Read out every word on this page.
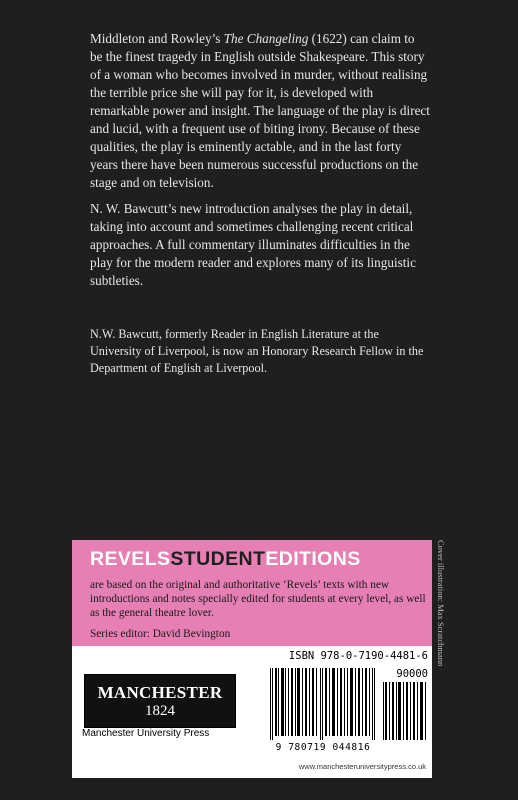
Middleton and Rowley’s The Changeling (1622) can claim to be the finest tragedy in English outside Shakespeare. This story of a woman who becomes involved in murder, without realising the terrible price she will pay for it, is developed with remarkable power and insight. The language of the play is direct and lucid, with a frequent use of biting irony. Because of these qualities, the play is eminently actable, and in the last forty years there have been numerous successful productions on the stage and on television.

N. W. Bawcutt’s new introduction analyses the play in detail, taking into account and sometimes challenging recent critical approaches. A full commentary illuminates difficulties in the play for the modern reader and explores many of its linguistic subtleties.

N.W. Bawcutt, formerly Reader in English Literature at the University of Liverpool, is now an Honorary Research Fellow in the Department of English at Liverpool.
REVELSSTUDENTEDITIONS
are based on the original and authoritative ‘Revels’ texts with new introductions and notes specially edited for students at every level, as well as the general theatre lover.
Series editor: David Bevington
MANCHESTER
1824
Manchester University Press
ISBN 978-0-7190-4481-6
90000
9 780719 044816
www.manchesteruniversitypress.co.uk
Cover illustration: Max Scratchmann
